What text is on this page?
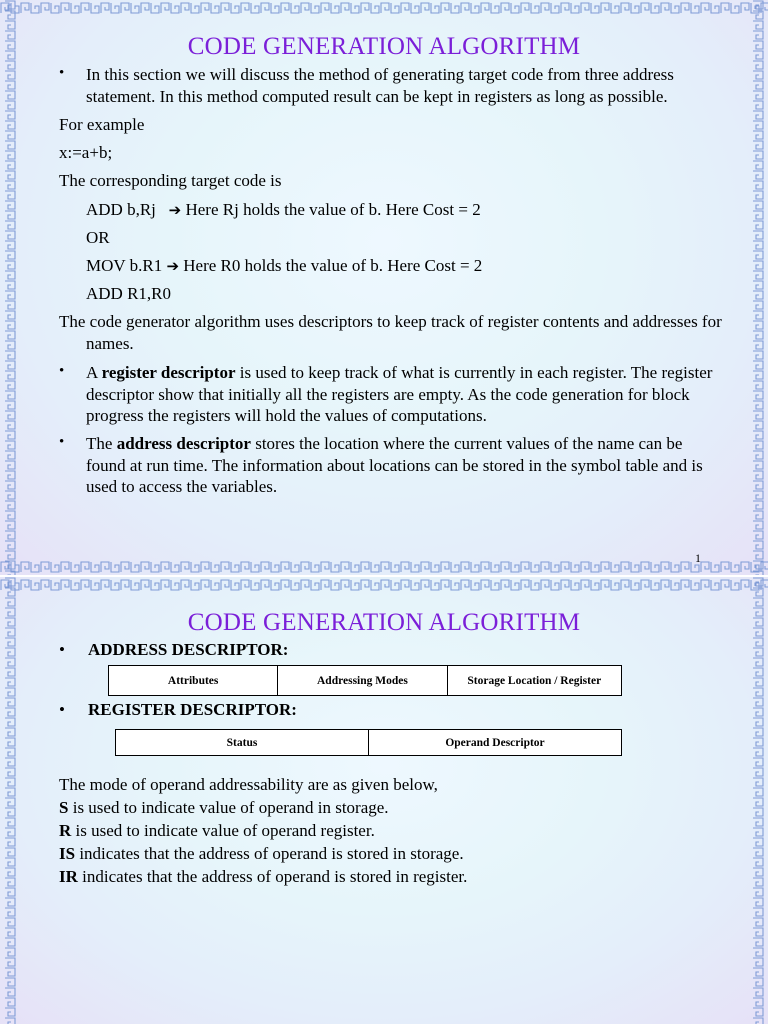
CODE GENERATION ALGORITHM
• In this section we will discuss the method of generating target code from three address statement. In this method computed result can be kept in registers as long as possible.
For example
x:=a+b;
The corresponding target code is
ADD b,Rj ➔ Here Rj holds the value of b. Here Cost = 2
OR
MOV b.R1 ➔ Here R0 holds the value of b. Here Cost = 2
ADD R1,R0
The code generator algorithm uses descriptors to keep track of register contents and addresses for names.
• A register descriptor is used to keep track of what is currently in each register. The register descriptor show that initially all the registers are empty. As the code generation for block progress the registers will hold the values of computations.
• The address descriptor stores the location where the current values of the name can be found at run time. The information about locations can be stored in the symbol table and is used to access the variables.
1
CODE GENERATION ALGORITHM
• ADDRESS DESCRIPTOR:
Attributes	Addressing Modes	Storage Location / Register
• REGISTER DESCRIPTOR:
Status	Operand Descriptor
The mode of operand addressability are as given below,
S is used to indicate value of operand in storage.
R is used to indicate value of operand register.
IS indicates that the address of operand is stored in storage.
IR indicates that the address of operand is stored in register.
